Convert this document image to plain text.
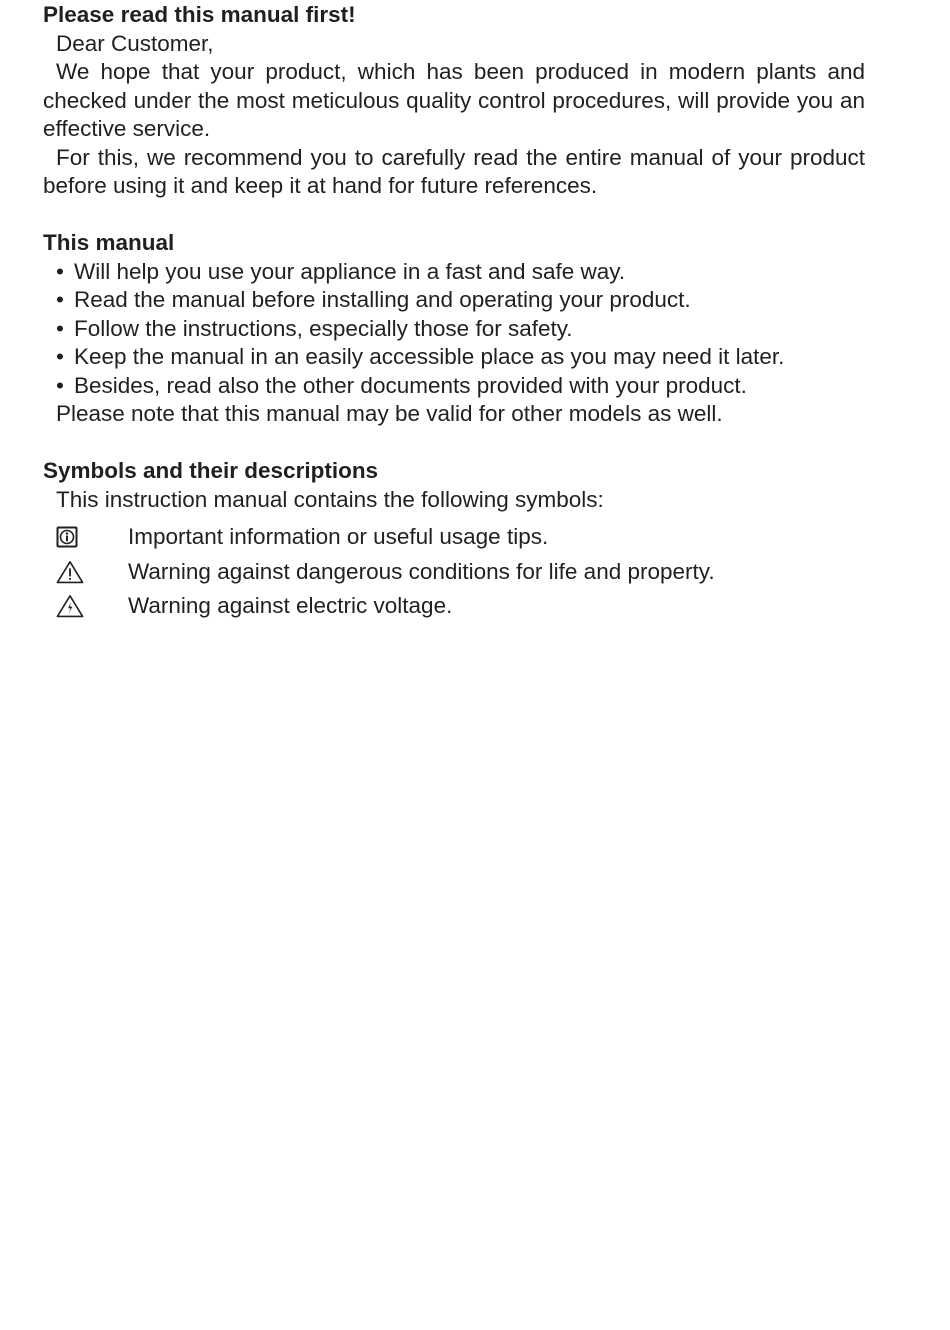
Please read this manual first!

Dear Customer,

We hope that your product, which has been produced in modern plants and checked under the most meticulous quality control procedures, will provide you an effective service.

For this, we recommend you to carefully read the entire manual of your product before using it and keep it at hand for future references.

This manual
• Will help you use your appliance in a fast and safe way.
• Read the manual before installing and operating your product.
• Follow the instructions, especially those for safety.
• Keep the manual in an easily accessible place as you may need it later.
• Besides, read also the other documents provided with your product.

Please note that this manual may be valid for other models as well.

Symbols and their descriptions

This instruction manual contains the following symbols:

Important information or useful usage tips.
Warning against dangerous conditions for life and property.
Warning against electric voltage.
